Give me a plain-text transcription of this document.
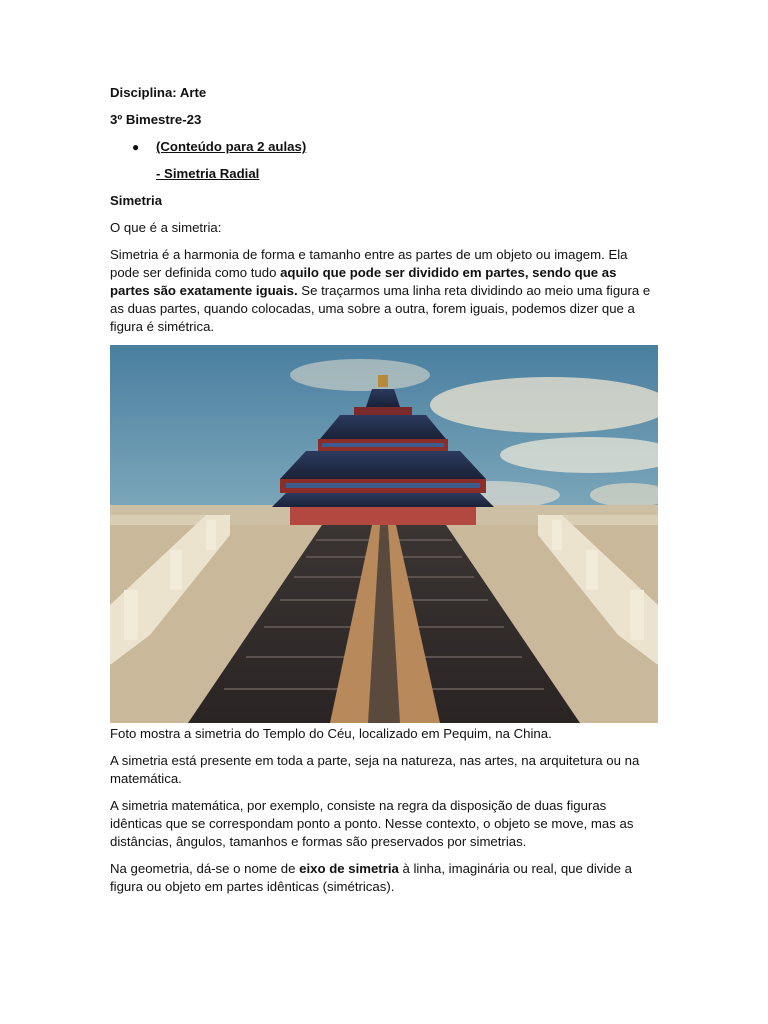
Disciplina: Arte

3º Bimestre-23

●	(Conteúdo para 2 aulas)

- Simetria Radial

Simetria

O que é a simetria:

Simetria é a harmonia de forma e tamanho entre as partes de um objeto ou imagem. Ela pode ser definida como tudo aquilo que pode ser dividido em partes, sendo que as partes são exatamente iguais. Se traçarmos uma linha reta dividindo ao meio uma figura e as duas partes, quando colocadas, uma sobre a outra, forem iguais, podemos dizer que a figura é simétrica.

Foto mostra a simetria do Templo do Céu, localizado em Pequim, na China.

A simetria está presente em toda a parte, seja na natureza, nas artes, na arquitetura ou na matemática.

A simetria matemática, por exemplo, consiste na regra da disposição de duas figuras idênticas que se correspondam ponto a ponto. Nesse contexto, o objeto se move, mas as distâncias, ângulos, tamanhos e formas são preservados por simetrias.

Na geometria, dá-se o nome de eixo de simetria à linha, imaginária ou real, que divide a figura ou objeto em partes idênticas (simétricas).
